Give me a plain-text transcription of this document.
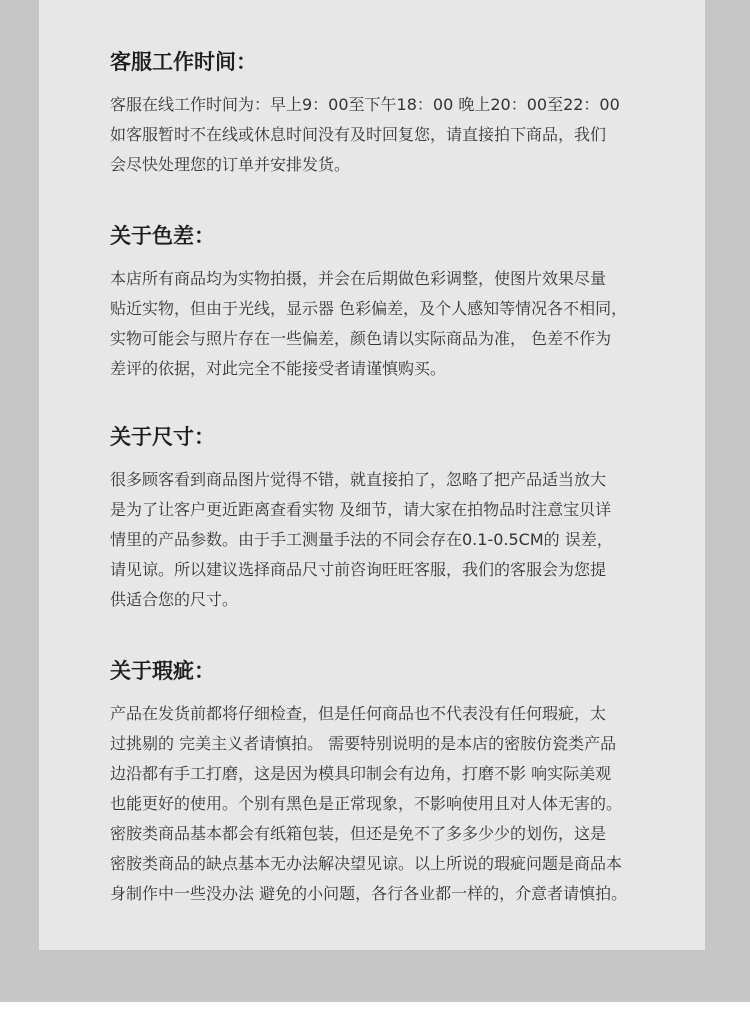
客服工作时间：

客服在线工作时间为：早上9：00至下午18：00 晚上20：00至22：00
如客服暂时不在线或休息时间没有及时回复您，请直接拍下商品，我们
会尽快处理您的订单并安排发货。

关于色差：

本店所有商品均为实物拍摄，并会在后期做色彩调整，使图片效果尽量
贴近实物，但由于光线，显示器 色彩偏差，及个人感知等情况各不相同，
实物可能会与照片存在一些偏差，颜色请以实际商品为准， 色差不作为
差评的依据，对此完全不能接受者请谨慎购买。

关于尺寸：

很多顾客看到商品图片觉得不错，就直接拍了，忽略了把产品适当放大
是为了让客户更近距离查看实物 及细节，请大家在拍物品时注意宝贝详
情里的产品参数。由于手工测量手法的不同会存在0.1-0.5CM的 误差，
请见谅。所以建议选择商品尺寸前咨询旺旺客服，我们的客服会为您提
供适合您的尺寸。

关于瑕疵：

产品在发货前都将仔细检查，但是任何商品也不代表没有任何瑕疵，太
过挑剔的 完美主义者请慎拍。 需要特别说明的是本店的密胺仿瓷类产品
边沿都有手工打磨，这是因为模具印制会有边角，打磨不影 响实际美观
也能更好的使用。个别有黑色是正常现象，不影响使用且对人体无害的。
密胺类商品基本都会有纸箱包装，但还是免不了多多少少的划伤，这是
密胺类商品的缺点基本无办法解决望见谅。以上所说的瑕疵问题是商品本
身制作中一些没办法 避免的小问题，各行各业都一样的，介意者请慎拍。
